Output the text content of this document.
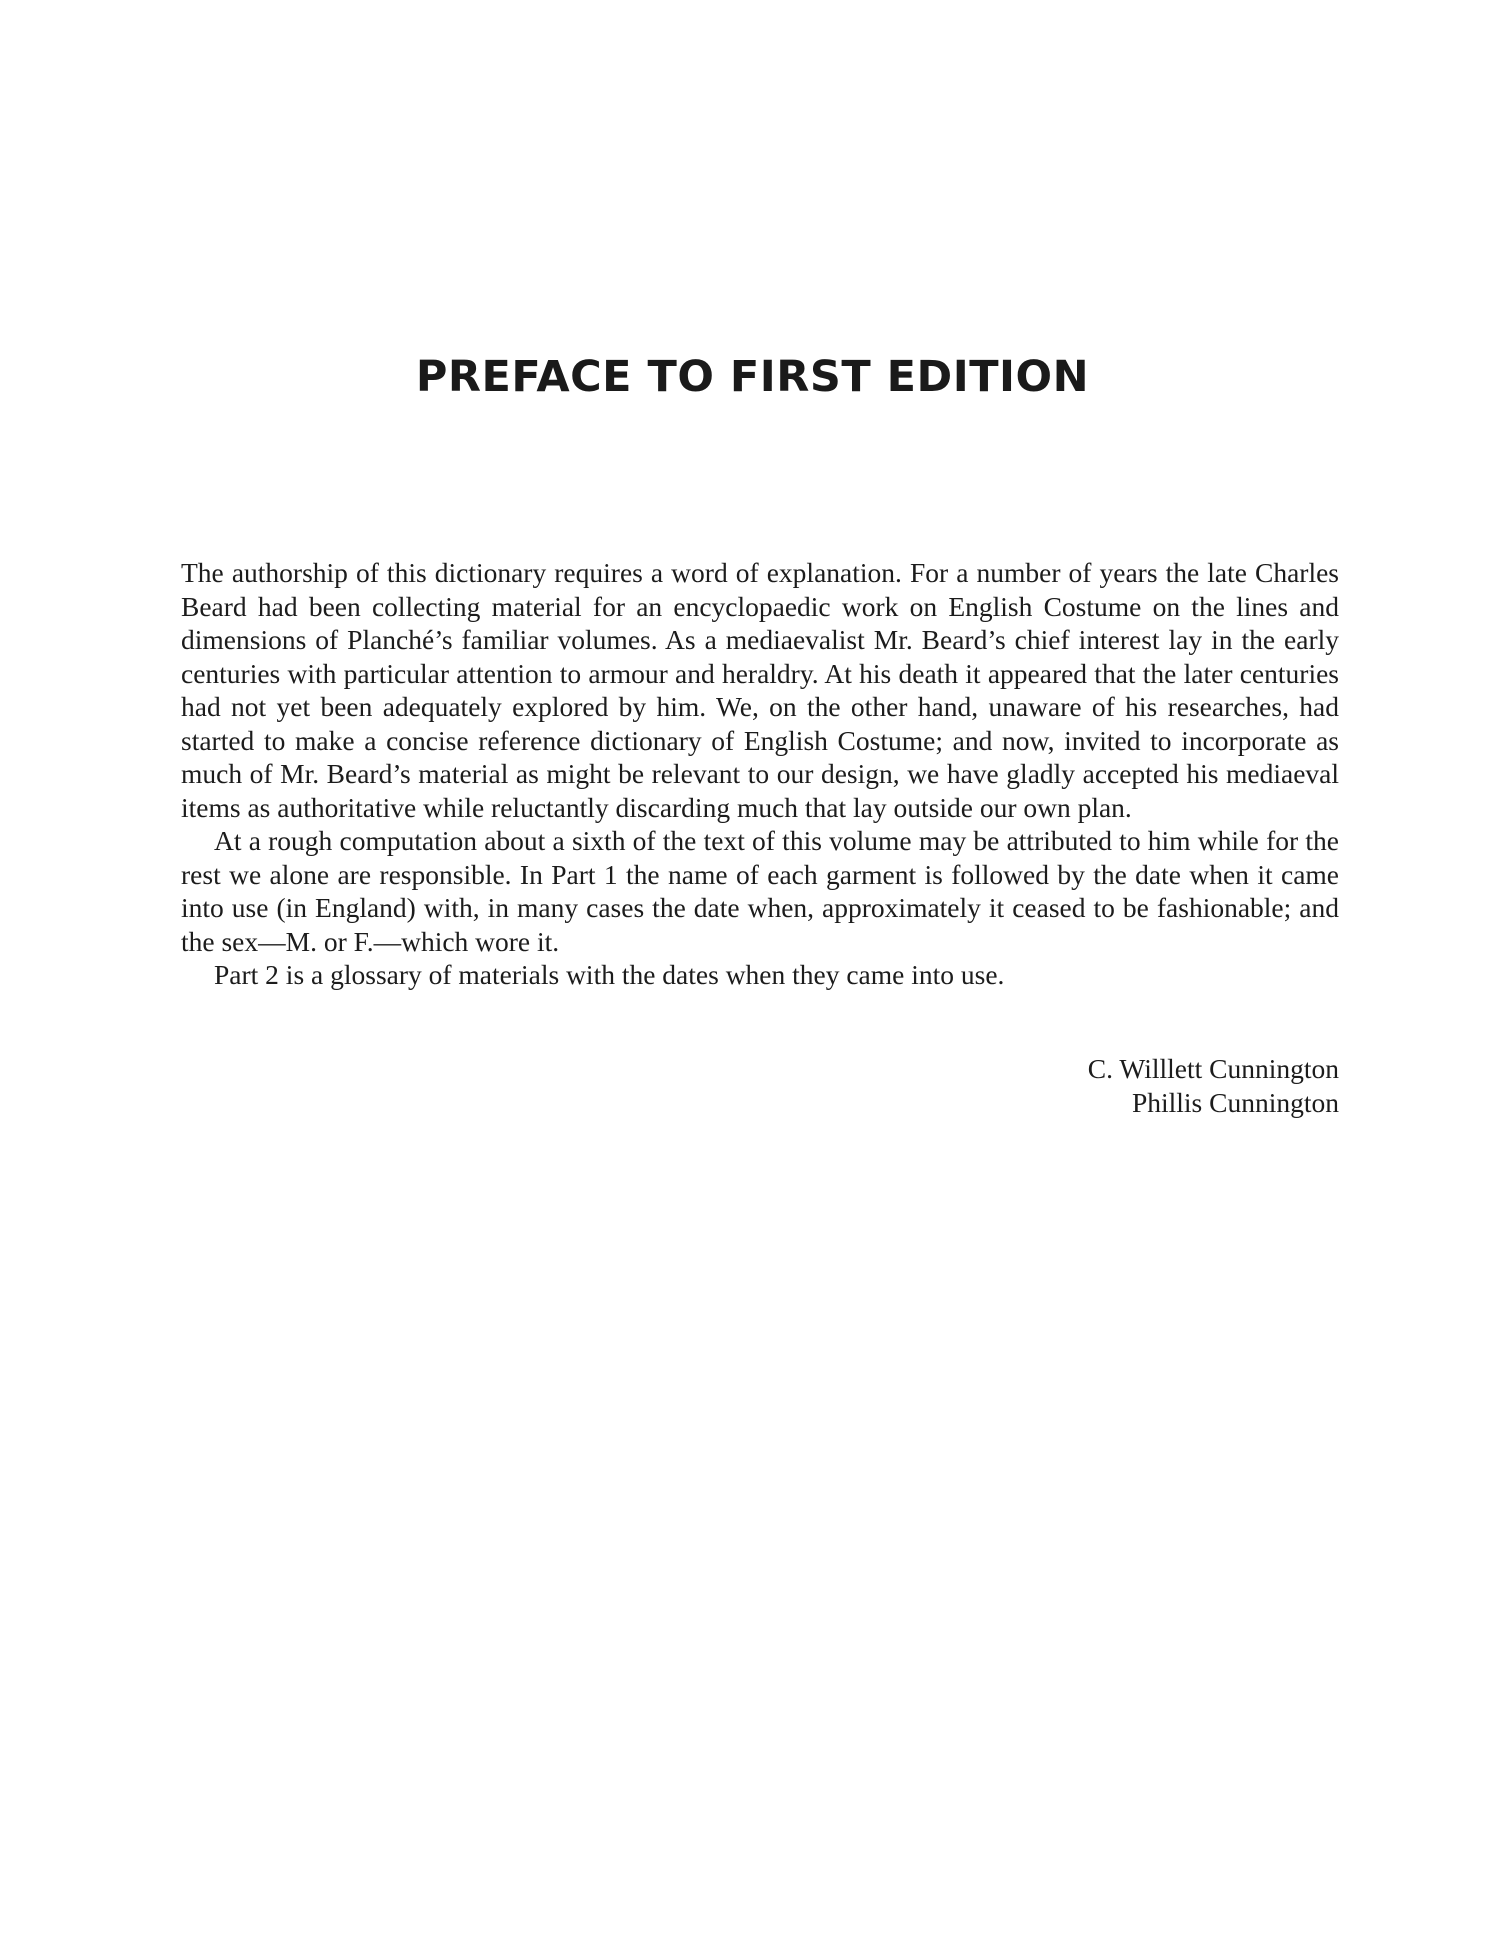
PREFACE TO FIRST EDITION

The authorship of this dictionary requires a word of explanation. For a number of years the late Charles Beard had been collecting material for an encyclopaedic work on English Costume on the lines and dimensions of Planché’s familiar volumes. As a mediaevalist Mr. Beard’s chief interest lay in the early centuries with particular attention to armour and heraldry. At his death it appeared that the later centuries had not yet been adequately explored by him. We, on the other hand, unaware of his researches, had started to make a concise reference dictionary of English Costume; and now, invited to incorporate as much of Mr. Beard’s material as might be relevant to our design, we have gladly accepted his mediaeval items as authoritative while reluctantly discarding much that lay outside our own plan.

At a rough computation about a sixth of the text of this volume may be attributed to him while for the rest we alone are responsible. In Part 1 the name of each garment is followed by the date when it came into use (in England) with, in many cases the date when, approximately it ceased to be fashionable; and the sex—M. or F.—which wore it.

Part 2 is a glossary of materials with the dates when they came into use.

C. Willlett Cunnington
Phillis Cunnington
